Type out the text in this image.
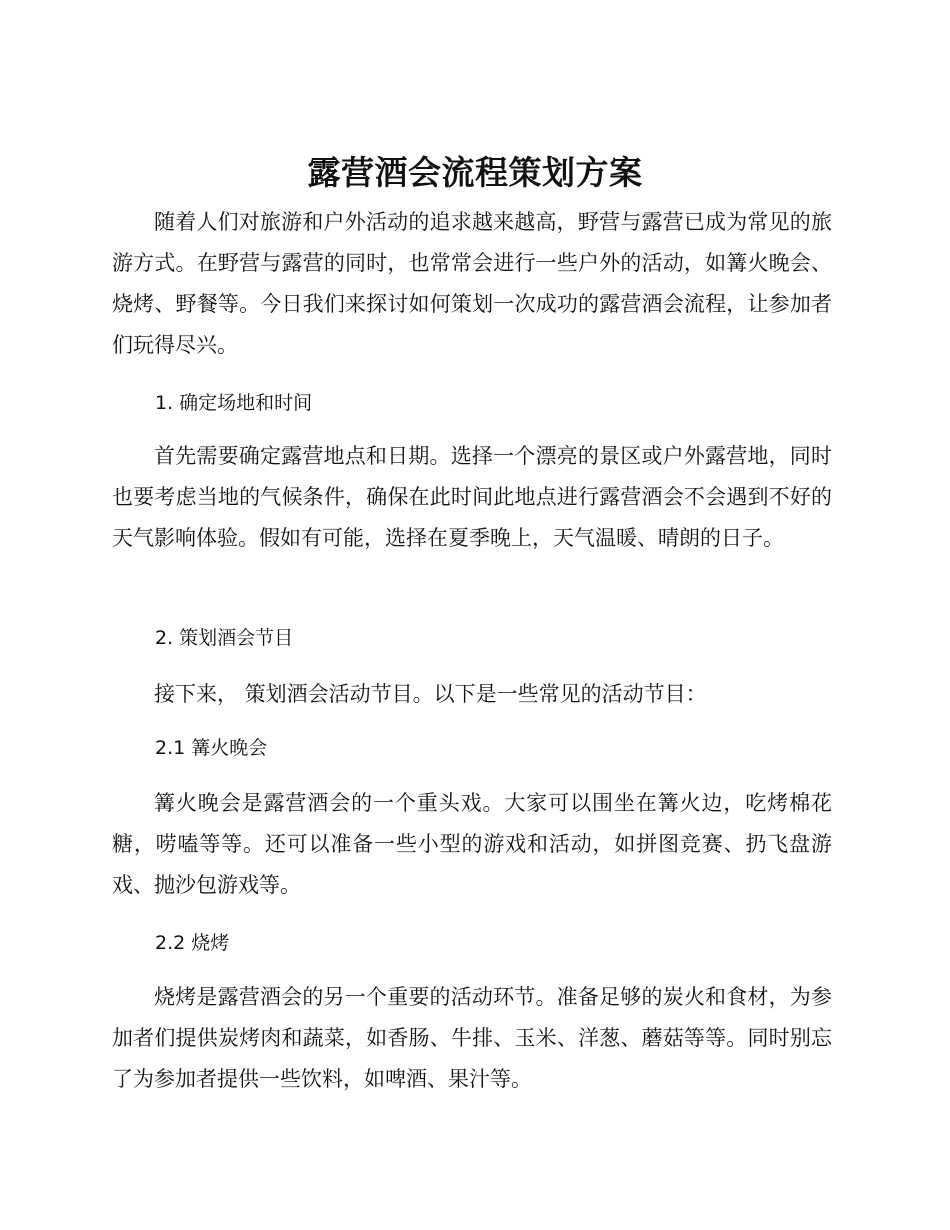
露营酒会流程策划方案

随着人们对旅游和户外活动的追求越来越高，野营与露营已成为常见的旅游方式。在野营与露营的同时，也常常会进行一些户外的活动，如篝火晚会、烧烤、野餐等。今日我们来探讨如何策划一次成功的露营酒会流程，让参加者们玩得尽兴。

1. 确定场地和时间

首先需要确定露营地点和日期。选择一个漂亮的景区或户外露营地，同时也要考虑当地的气候条件，确保在此时间此地点进行露营酒会不会遇到不好的天气影响体验。假如有可能，选择在夏季晚上，天气温暖、晴朗的日子。

2. 策划酒会节目

接下来， 策划酒会活动节目。以下是一些常见的活动节目：

2.1 篝火晚会

篝火晚会是露营酒会的一个重头戏。大家可以围坐在篝火边，吃烤棉花糖，唠嗑等等。还可以准备一些小型的游戏和活动，如拼图竞赛、扔飞盘游戏、抛沙包游戏等。

2.2 烧烤

烧烤是露营酒会的另一个重要的活动环节。准备足够的炭火和食材，为参加者们提供炭烤肉和蔬菜，如香肠、牛排、玉米、洋葱、蘑菇等等。同时别忘了为参加者提供一些饮料，如啤酒、果汁等。
